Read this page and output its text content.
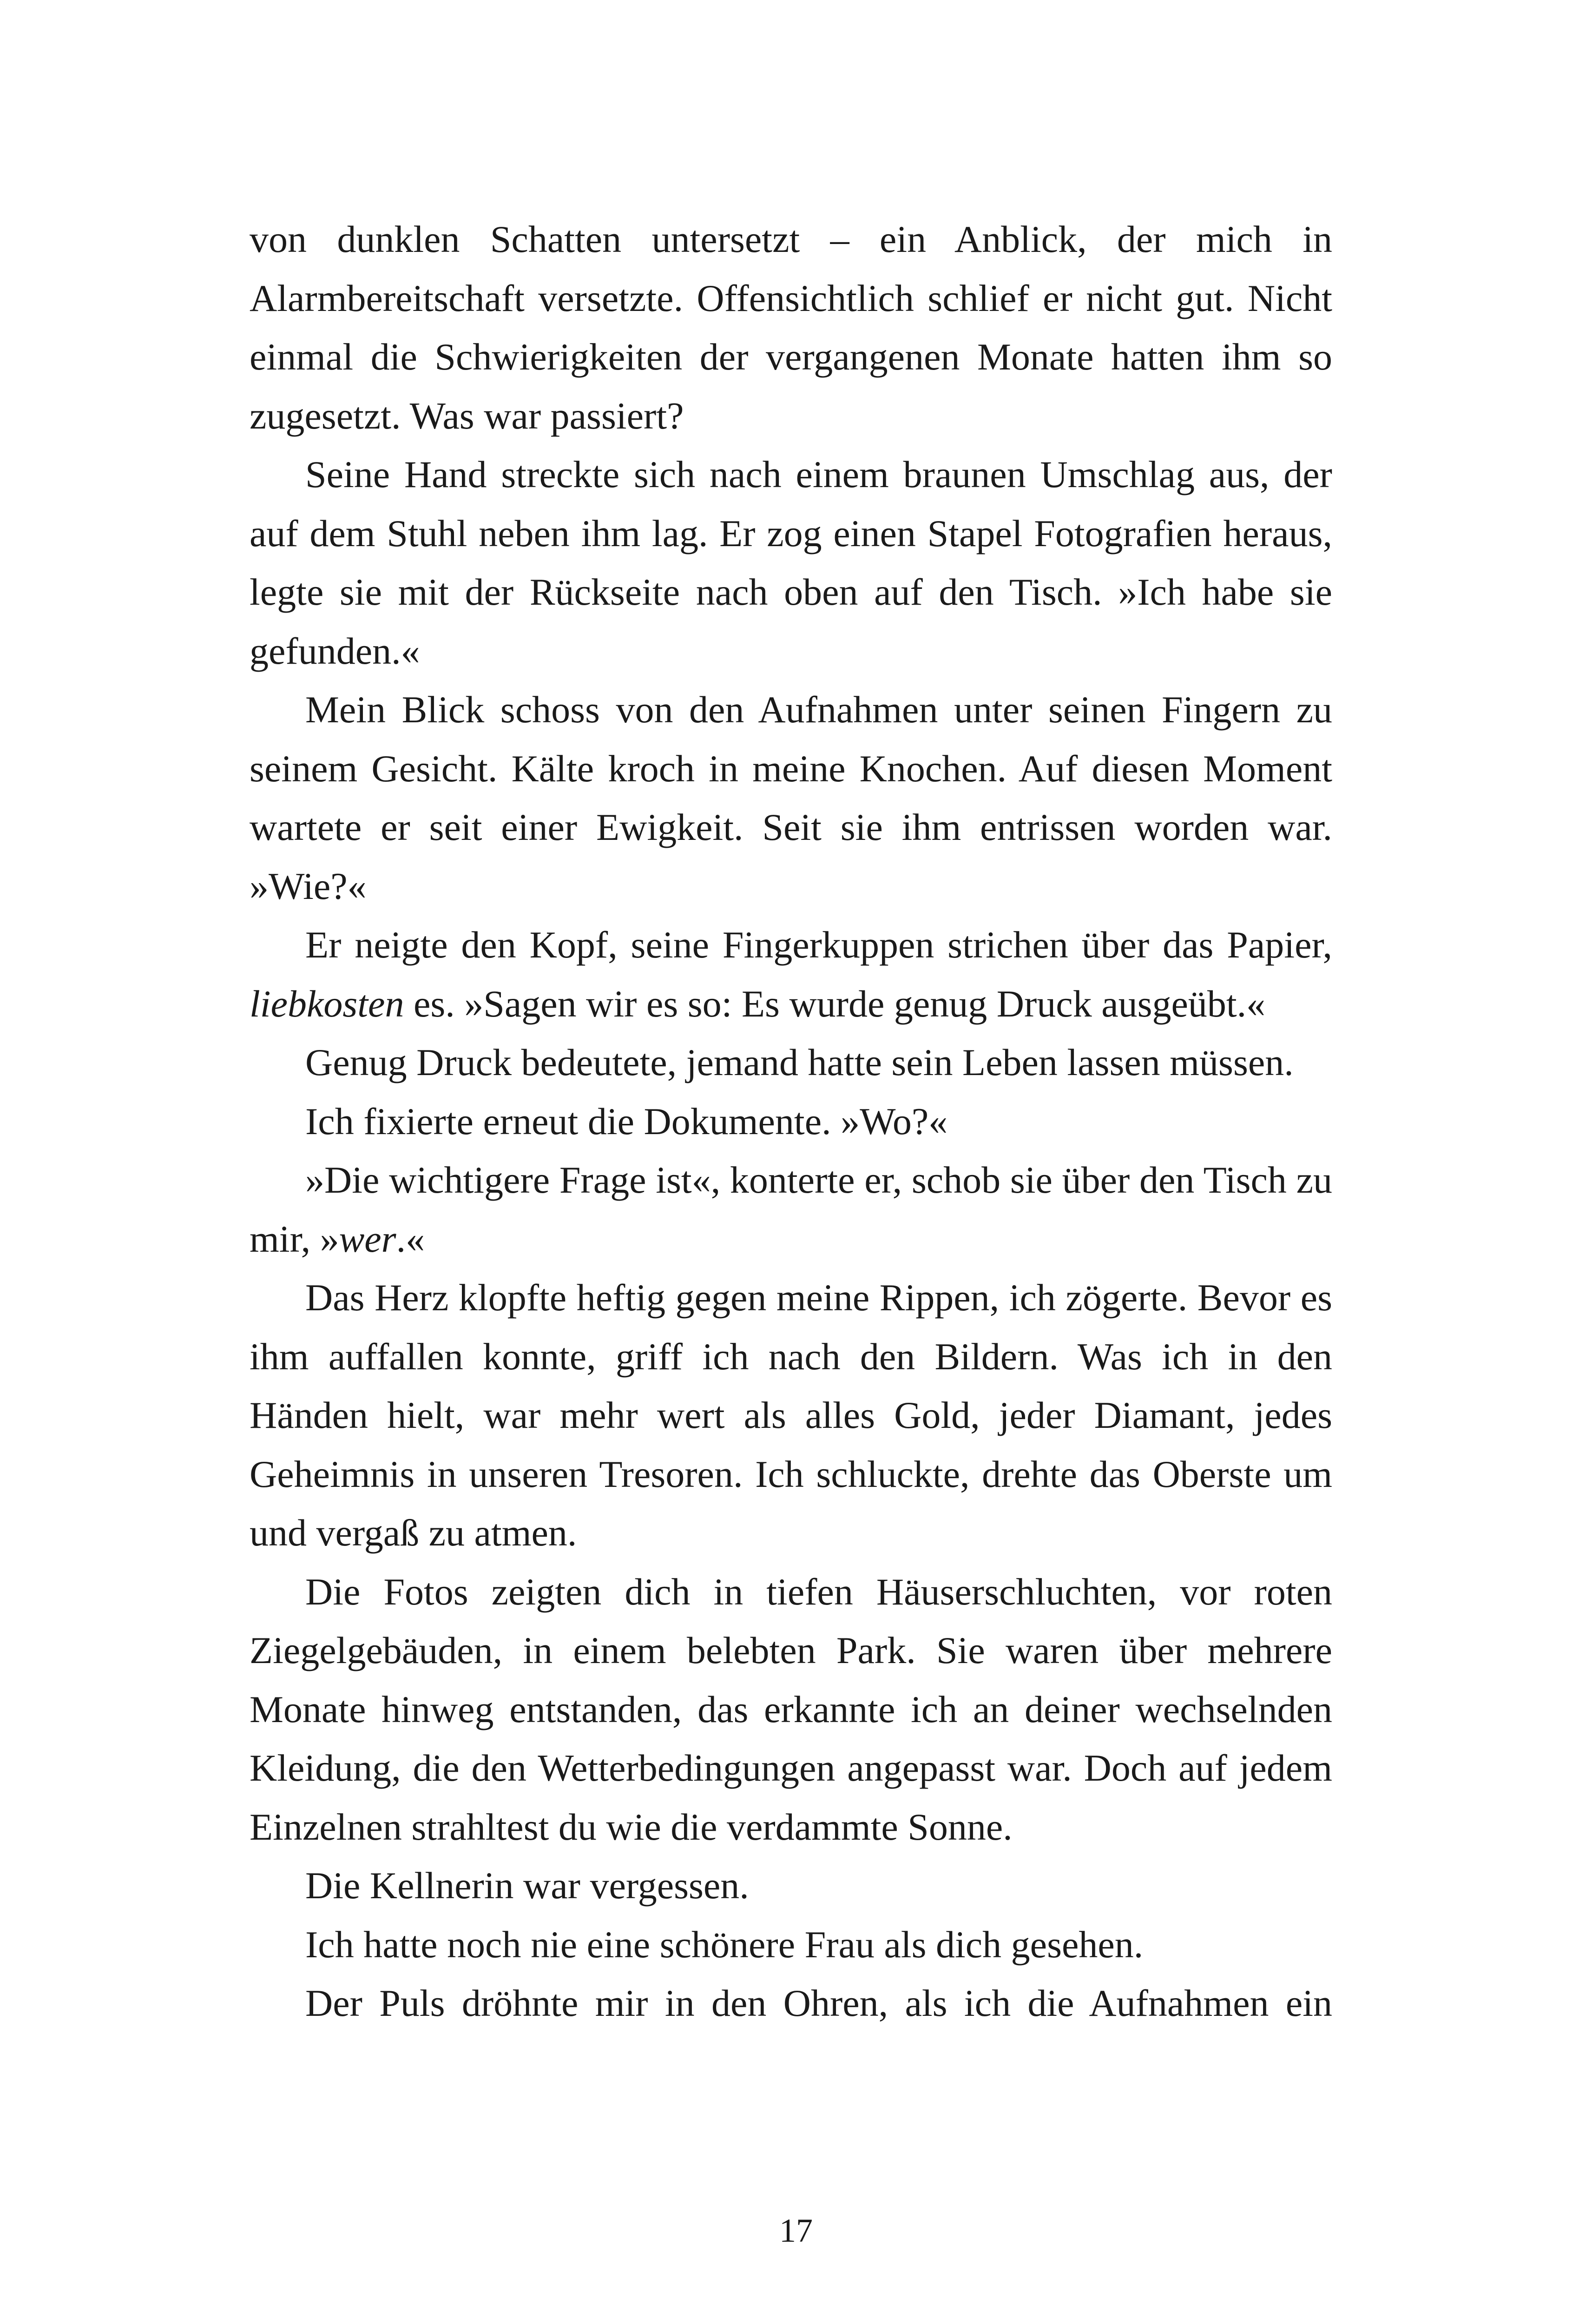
von dunklen Schatten untersetzt – ein Anblick, der mich in Alarmbereitschaft versetzte. Offensichtlich schlief er nicht gut. Nicht einmal die Schwierigkeiten der vergangenen Monate hatten ihm so zugesetzt. Was war passiert?

Seine Hand streckte sich nach einem braunen Umschlag aus, der auf dem Stuhl neben ihm lag. Er zog einen Stapel Fotografien heraus, legte sie mit der Rückseite nach oben auf den Tisch. »Ich habe sie gefunden.«

Mein Blick schoss von den Aufnahmen unter seinen Fingern zu seinem Gesicht. Kälte kroch in meine Knochen. Auf diesen Moment wartete er seit einer Ewigkeit. Seit sie ihm entrissen worden war. »Wie?«

Er neigte den Kopf, seine Fingerkuppen strichen über das Papier, liebkosten es. »Sagen wir es so: Es wurde genug Druck ausgeübt.«

Genug Druck bedeutete, jemand hatte sein Leben lassen müssen.

Ich fixierte erneut die Dokumente. »Wo?«

»Die wichtigere Frage ist«, konterte er, schob sie über den Tisch zu mir, »wer.«

Das Herz klopfte heftig gegen meine Rippen, ich zögerte. Bevor es ihm auffallen konnte, griff ich nach den Bildern. Was ich in den Händen hielt, war mehr wert als alles Gold, jeder Diamant, jedes Geheimnis in unseren Tresoren. Ich schluckte, drehte das Oberste um und vergaß zu atmen.

Die Fotos zeigten dich in tiefen Häuserschluchten, vor roten Ziegelgebäuden, in einem belebten Park. Sie waren über mehrere Monate hinweg entstanden, das erkannte ich an deiner wechselnden Kleidung, die den Wetterbedingungen angepasst war. Doch auf jedem Einzelnen strahltest du wie die verdammte Sonne.

Die Kellnerin war vergessen.

Ich hatte noch nie eine schönere Frau als dich gesehen.

Der Puls dröhnte mir in den Ohren, als ich die Aufnahmen ein

17
